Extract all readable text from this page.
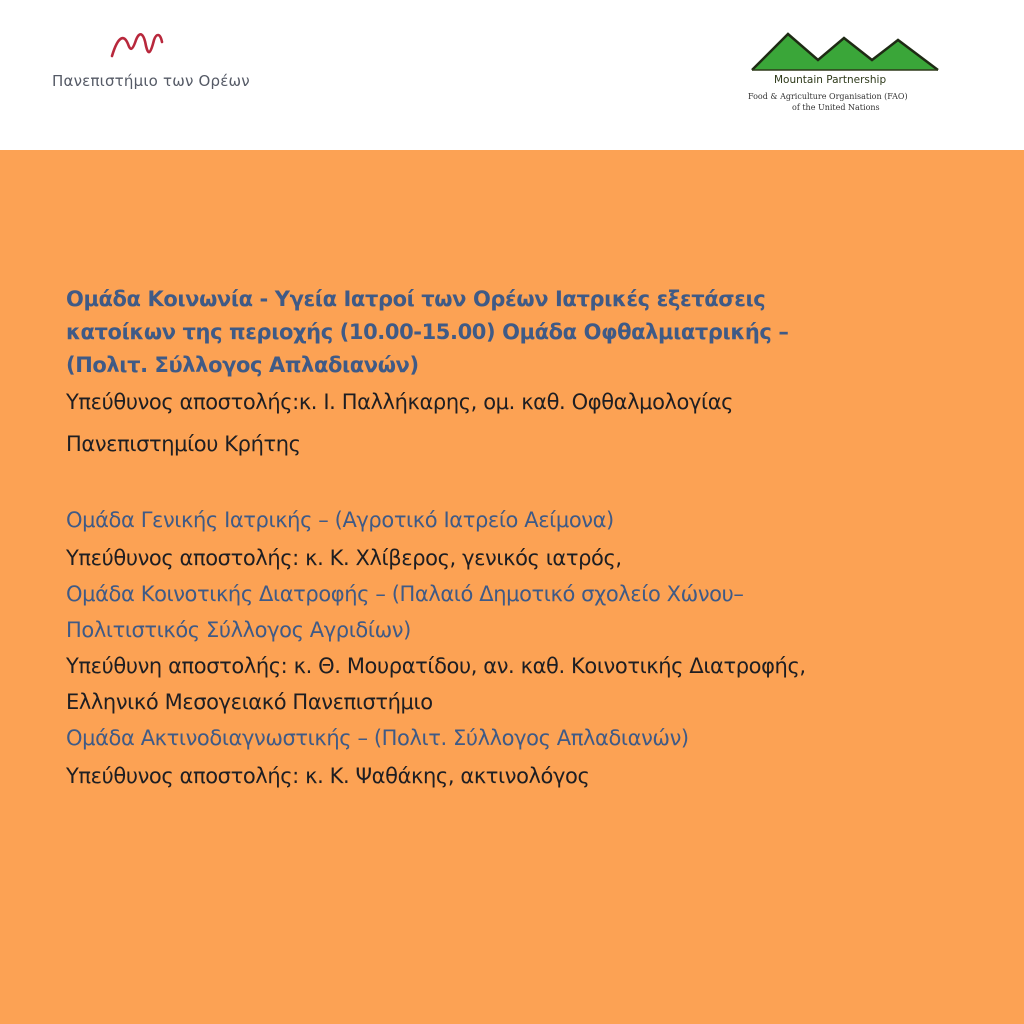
Πανεπιστήμιο των Ορέων	Mountain Partnership
Food & Agriculture Organisation (FAO)
of the United Nations

Ομάδα Κοινωνία - Υγεία Ιατροί των Ορέων Ιατρικές εξετάσεις

κατοίκων της περιοχής (10.00-15.00) Ομάδα Οφθαλμιατρικής –

(Πολιτ. Σύλλογος Απλαδιανών)

Υπεύθυνος αποστολής:κ. Ι. Παλλήκαρης, ομ. καθ. Οφθαλμολογίας

Πανεπιστημίου Κρήτης

Ομάδα Γενικής Ιατρικής – (Αγροτικό Ιατρείο Αείμονα)

Υπεύθυνος αποστολής: κ. Κ. Χλίβερος, γενικός ιατρός,

Ομάδα Κοινοτικής Διατροφής – (Παλαιό Δημοτικό σχολείο Χώνου–

Πολιτιστικός Σύλλογος Αγριδίων)

Υπεύθυνη αποστολής: κ. Θ. Μουρατίδου, αν. καθ. Κοινοτικής Διατροφής,

Ελληνικό Μεσογειακό Πανεπιστήμιο

Ομάδα Ακτινοδιαγνωστικής – (Πολιτ. Σύλλογος Απλαδιανών)

Υπεύθυνος αποστολής: κ. Κ. Ψαθάκης, ακτινολόγος
